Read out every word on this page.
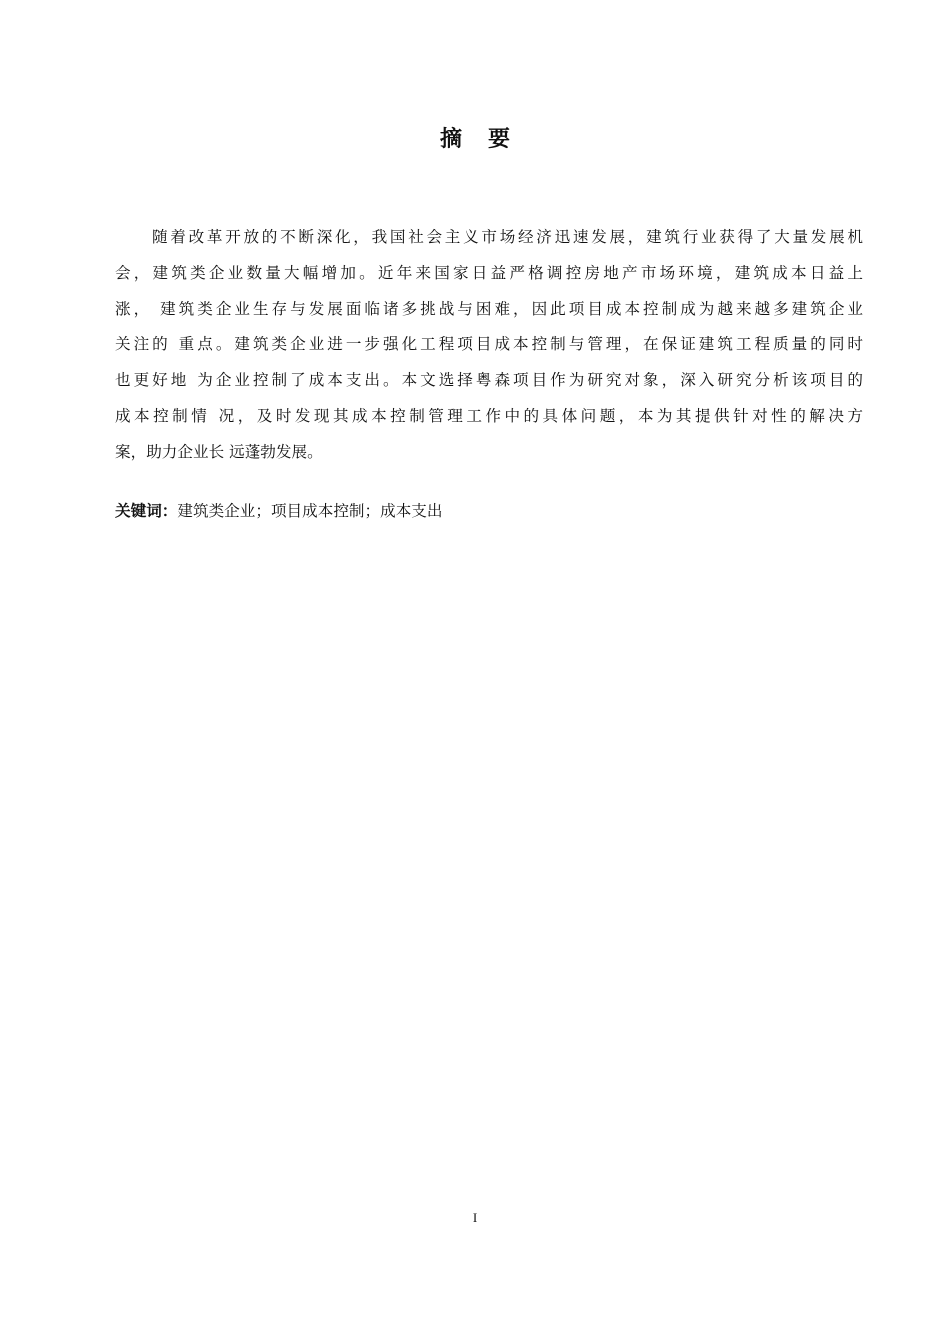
摘 要
随着改革开放的不断深化，我国社会主义市场经济迅速发展，建筑行业获得了大量发展机
会，建筑类企业数量大幅增加。近年来国家日益严格调控房地产市场环境，建筑成本日益上
涨， 建筑类企业生存与发展面临诸多挑战与困难，因此项目成本控制成为越来越多建筑企业
关注的 重点。建筑类企业进一步强化工程项目成本控制与管理，在保证建筑工程质量的同时
也更好地 为企业控制了成本支出。本文选择粤森项目作为研究对象，深入研究分析该项目的
成本控制情 况，及时发现其成本控制管理工作中的具体问题，本为其提供针对性的解决方
案，助力企业长 远蓬勃发展。
关键词：建筑类企业；项目成本控制；成本支出
I
